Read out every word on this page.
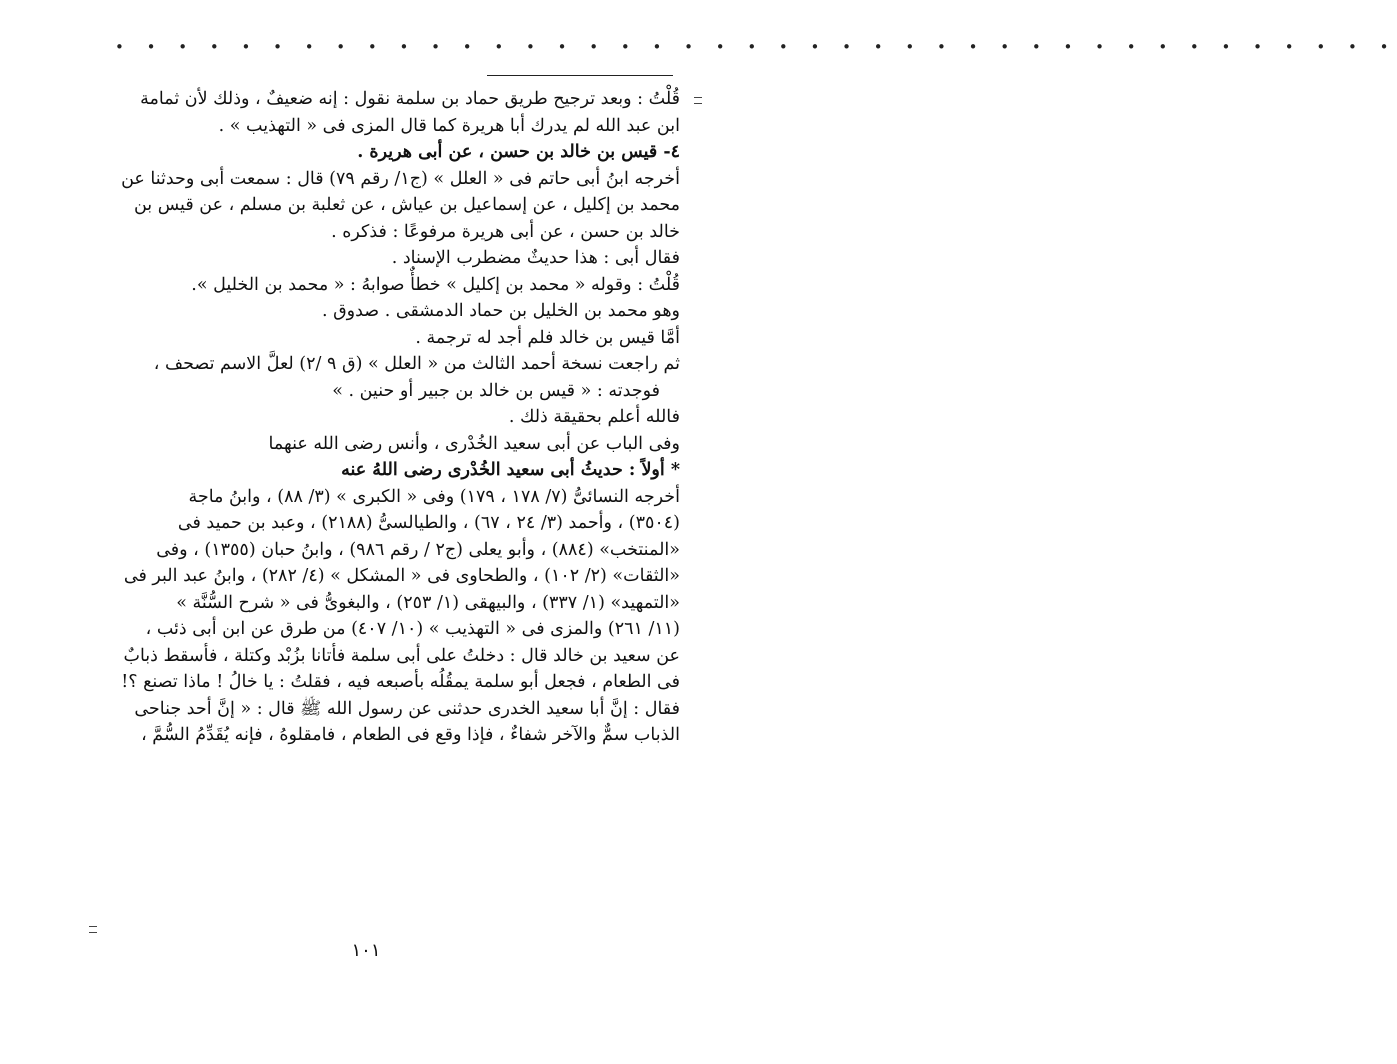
• • • • • • • • • • • • • • • • • • • • • • • • • • • • • • • • • • • • • • • • •
قُلْتُ : وبعد ترجيح طريق حماد بن سلمة نقول : إنه ضعيفٌ ، وذلك لأن ثمامة
ابن عبد الله لم يدرك أبا هريرة كما قال المزى فى « التهذيب » .
٤- قيس بن خالد بن حسن ، عن أبى هريرة .
أخرجه ابنُ أبى حاتم فى « العلل » (ج١/ رقم ٧٩) قال : سمعت أبى وحدثنا عن
محمد بن إكليل ، عن إسماعيل بن عياش ، عن ثعلبة بن مسلم ، عن قيس بن
خالد بن حسن ، عن أبى هريرة مرفوعًا : فذكره .
فقال أبى : هذا حديثٌ مضطرب الإسناد .
قُلْتُ : وقوله « محمد بن إكليل » خطأٌ صوابهُ : « محمد بن الخليل ».
وهو محمد بن الخليل بن حماد الدمشقى . صدوق .
أمَّا قيس بن خالد فلم أجد له ترجمة .
ثم راجعت نسخة أحمد الثالث من « العلل » (ق ٩ /٢) لعلَّ الاسم تصحف ،
فوجدته : « قيس بن خالد بن جبير أو حنين . »
فالله أعلم بحقيقة ذلك .
وفى الباب عن أبى سعيد الخُدْرى ، وأنس رضى الله عنهما
* أولاً : حديثُ أبى سعيد الخُدْرى رضى اللهُ عنه
أخرجه النسائىُّ (٧/ ١٧٨ ، ١٧٩) وفى « الكبرى » (٣/ ٨٨) ، وابنُ ماجة
(٣٥٠٤) ، وأحمد (٣/ ٢٤ ، ٦٧) ، والطيالسىُّ (٢١٨٨) ، وعبد بن حميد فى
«المنتخب» (٨٨٤) ، وأبو يعلى (ج٢ / رقم ٩٨٦) ، وابنُ حبان (١٣٥٥) ، وفى
«الثقات» (٢/ ١٠٢) ، والطحاوى فى « المشكل » (٤/ ٢٨٢) ، وابنُ عبد البر فى
«التمهيد» (١/ ٣٣٧) ، والبيهقى (١/ ٢٥٣) ، والبغوىُّ فى « شرح السُّنَّة »
(١١/ ٢٦١) والمزى فى « التهذيب » (١٠/ ٤٠٧) من طرق عن ابن أبى ذئب ،
عن سعيد بن خالد قال : دخلتُ على أبى سلمة فأتانا بزُبْد وكتلة ، فأسقط ذبابٌ
فى الطعام ، فجعل أبو سلمة يمقُلُه بأصبعه فيه ، فقلتُ : يا خالُ ! ماذا تصنع ؟!
فقال : إنَّ أبا سعيد الخدرى حدثنى عن رسول الله ﷺ قال : « إنَّ أحد جناحى
الذباب سمٌّ والآخر شفاءٌ ، فإذا وقع فى الطعام ، فامقلوهُ ، فإنه يُقَدِّمُ السُّمَّ ،
١٠١
